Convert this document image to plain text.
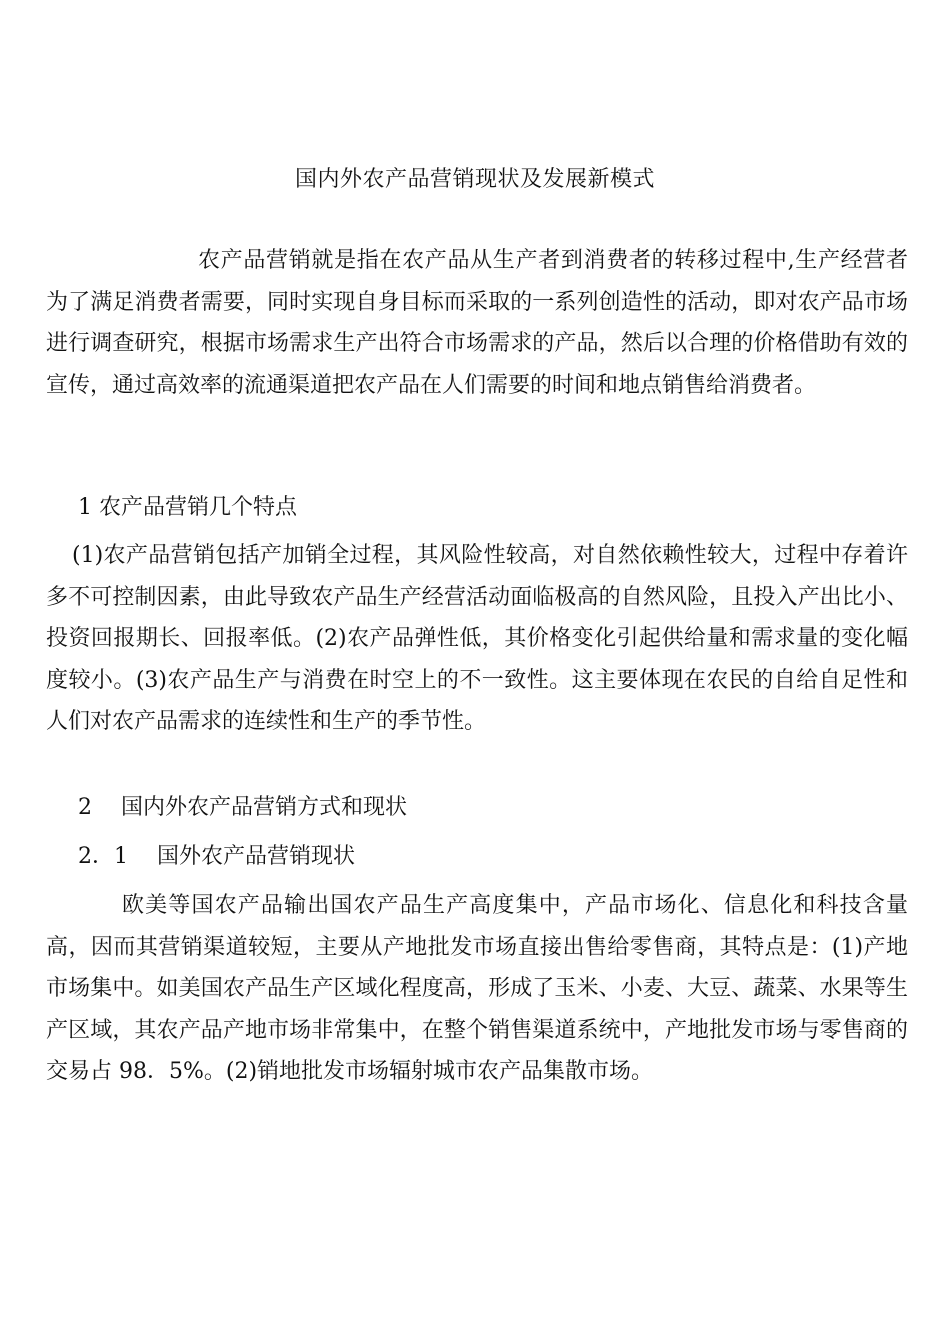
国内外农产品营销现状及发展新模式

农产品营销就是指在农产品从生产者到消费者的转移过程中,生产经营者为了满足消费者需要，同时实现自身目标而采取的一系列创造性的活动，即对农产品市场进行调查研究，根据市场需求生产出符合市场需求的产品，然后以合理的价格借助有效的宣传，通过高效率的流通渠道把农产品在人们需要的时间和地点销售给消费者。

1 农产品营销几个特点

(1)农产品营销包括产加销全过程，其风险性较高，对自然依赖性较大，过程中存着许多不可控制因素，由此导致农产品生产经营活动面临极高的自然风险，且投入产出比小、投资回报期长、回报率低。(2)农产品弹性低，其价格变化引起供给量和需求量的变化幅度较小。(3)农产品生产与消费在时空上的不一致性。这主要体现在农民的自给自足性和人们对农产品需求的连续性和生产的季节性。

2　 国内外农产品营销方式和现状
2．1　 国外农产品营销现状

欧美等国农产品输出国农产品生产高度集中，产品市场化、信息化和科技含量高，因而其营销渠道较短，主要从产地批发市场直接出售给零售商，其特点是：(1)产地市场集中。如美国农产品生产区域化程度高，形成了玉米、小麦、大豆、蔬菜、水果等生产区域，其农产品产地市场非常集中，在整个销售渠道系统中，产地批发市场与零售商的交易占 98．5%。(2)销地批发市场辐射城市农产品集散市场。
